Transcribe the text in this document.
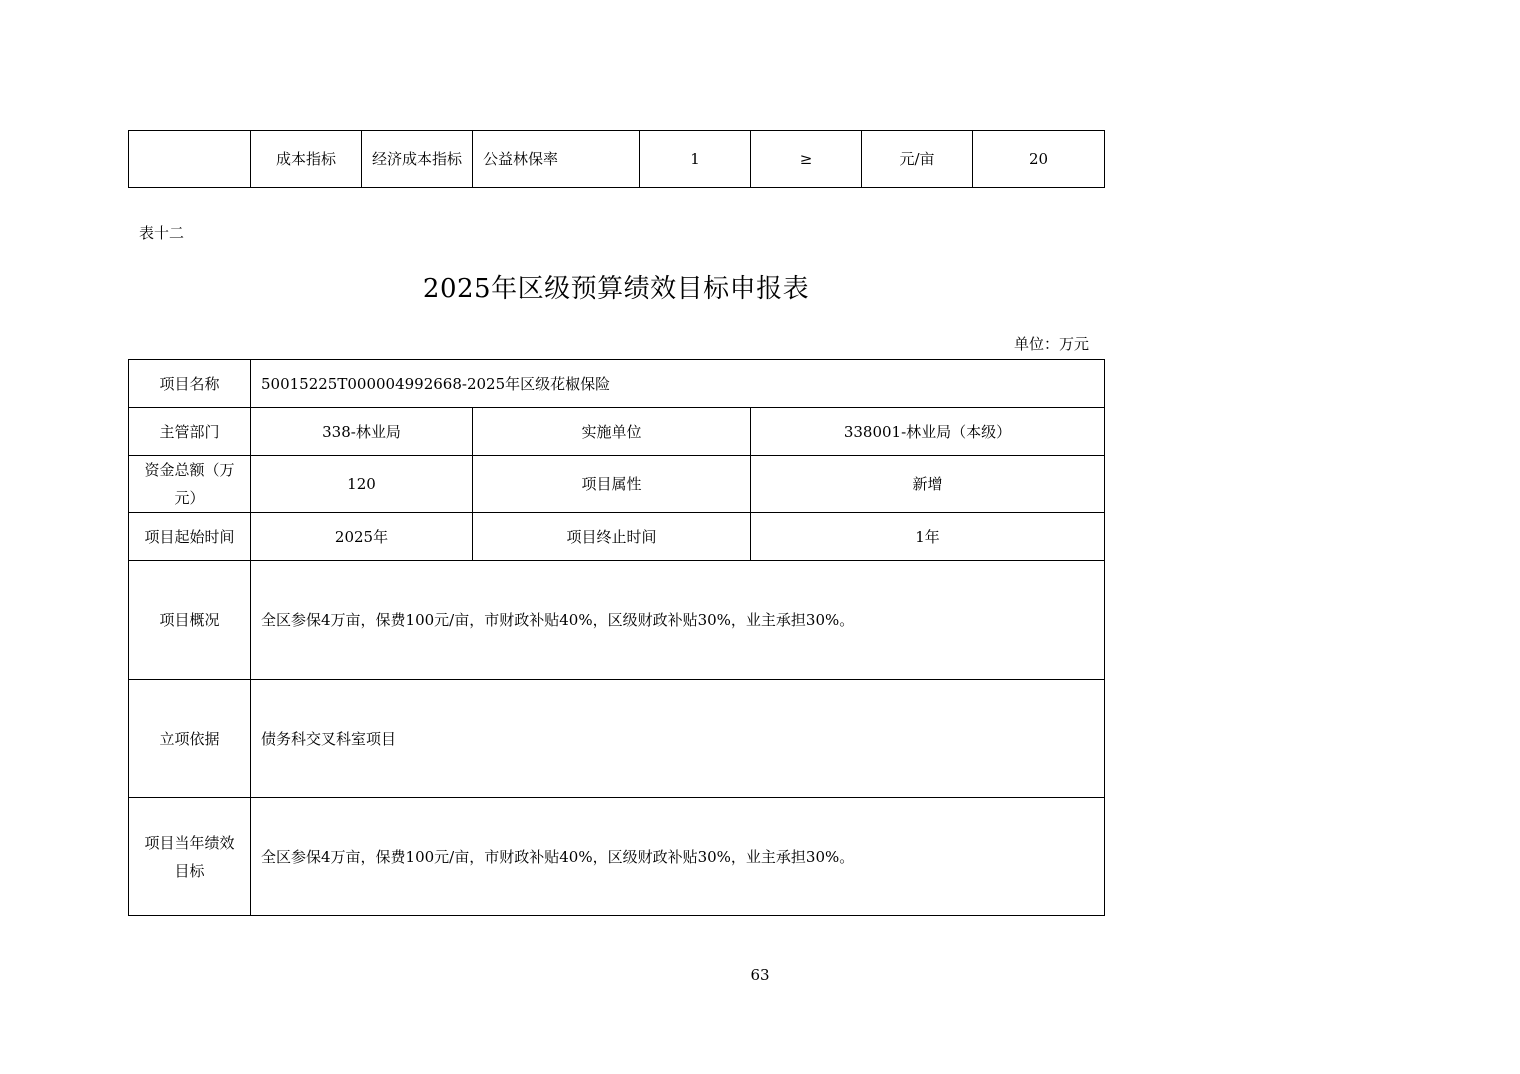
	成本指标	经济成本指标	公益林保率	1	≥	元/亩	20
表十二
2025年区级预算绩效目标申报表
单位：万元
项目名称	50015225T000004992668-2025年区级花椒保险		
主管部门	338-林业局	实施单位	338001-林业局（本级）
资金总额（万元）	120	项目属性	新增
项目起始时间	2025年	项目终止时间	1年
项目概况	全区参保4万亩，保费100元/亩，市财政补贴40%，区级财政补贴30%，业主承担30%。		
立项依据	债务科交叉科室项目		
项目当年绩效目标	全区参保4万亩，保费100元/亩，市财政补贴40%，区级财政补贴30%，业主承担30%。		
63
